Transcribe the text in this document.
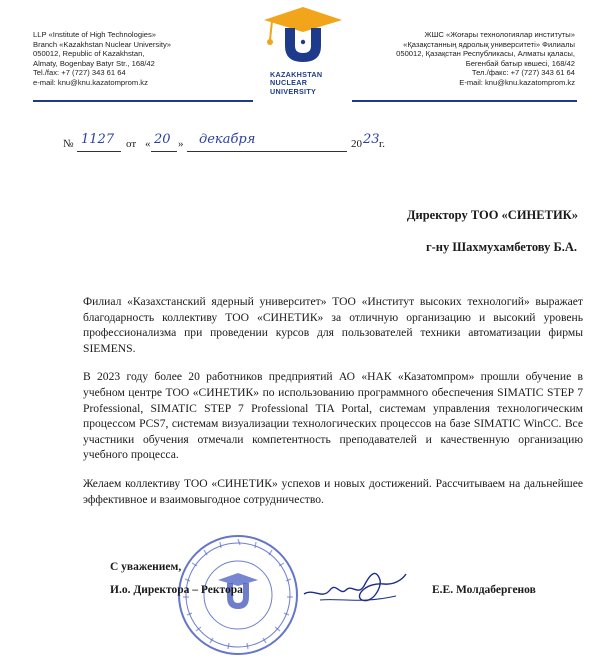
LLP «Institute of High Technologies»
Branch «Kazakhstan Nuclear University»
050012, Republic of Kazakhstan,
Almaty, Bogenbay Batyr Str., 168/42
Tel./fax: +7 (727) 343 61 64
e-mail: knu@knu.kazatomprom.kz
KAZAKHSTAN
NUCLEAR
UNIVERSITY
ЖШС «Жоғары технологиялар институты»
«Қазақстанның ядролық университеті» Филиалы
050012, Қазақстан Республикасы, Алматы қаласы,
Бегенбай батыр көшесі, 168/42
Тел./факс: +7 (727) 343 61 64
E-mail: knu@knu.kazatomprom.kz
№ 1127 от « 20 » декабря	20 23 г.
Директору ТОО «СИНЕТИК»
г-ну Шахмухамбетову Б.А.

Филиал «Казахстанский ядерный университет» ТОО «Институт высоких технологий» выражает благодарность коллективу ТОО «СИНЕТИК» за отличную организацию и высокий уровень профессионализма при проведении курсов для пользователей техники автоматизации фирмы SIEMENS.

В 2023 году более 20 работников предприятий АО «НАК «Казатомпром» прошли обучение в учебном центре ТОО «СИНЕТИК» по использованию программного обеспечения SIMATIC STEP 7 Professional, SIMATIC STEP 7 Professional TIA Portal, системам управления технологическим процессом PCS7, системам визуализации технологических процессов на базе SIMATIC WinCC. Все участники обучения отмечали компетентность преподавателей и качественную организацию учебного процесса.

Желаем коллективу ТОО «СИНЕТИК» успехов и новых достижений. Рассчитываем на дальнейшее эффективное и взаимовыгодное сотрудничество.

С уважением,
И.о. Директора – Ректора	Е.Е. Молдабергенов
